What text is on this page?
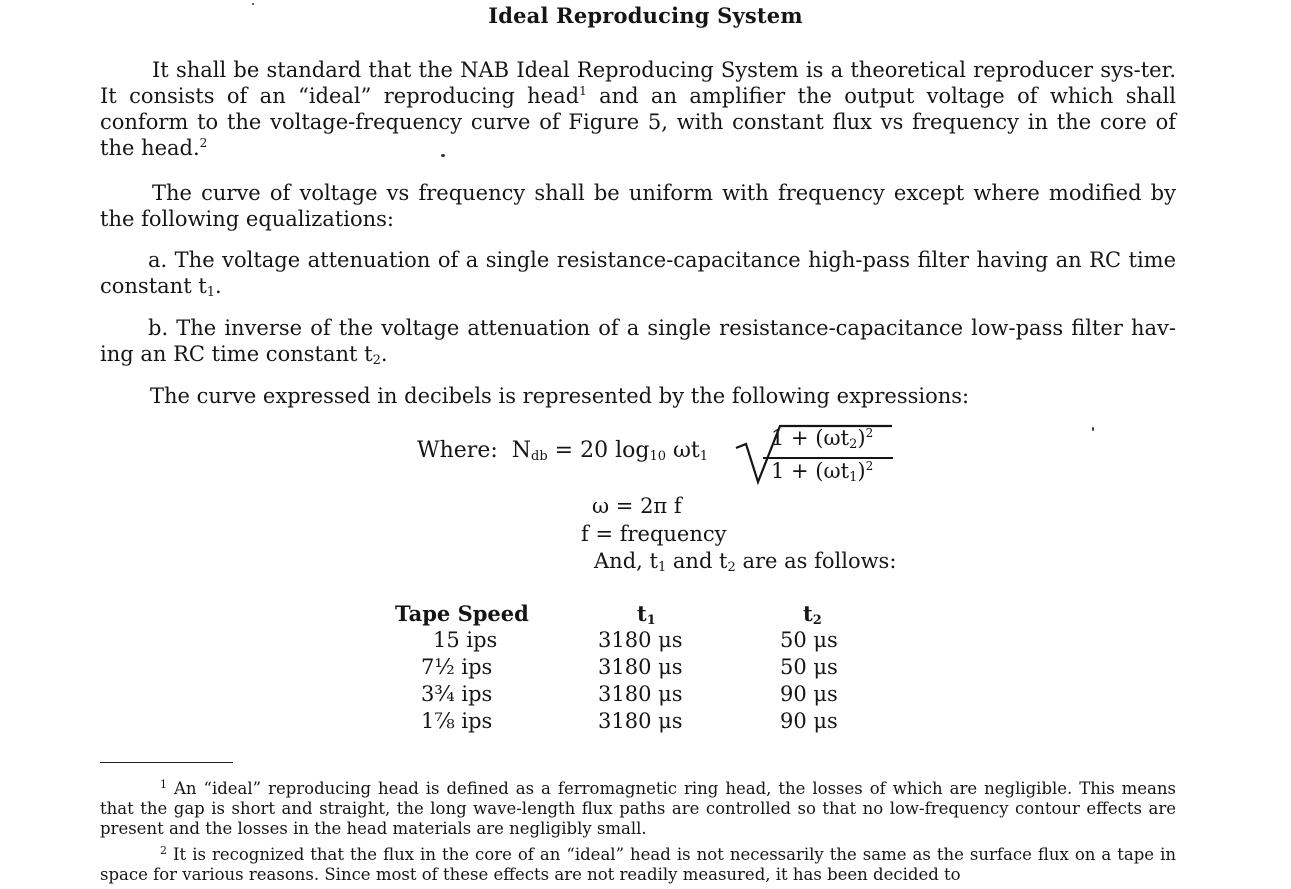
Ideal Reproducing System
It shall be standard that the NAB Ideal Reproducing System is a theoretical reproducer sys-ter. It consists of an “ideal” reproducing head$^1$ and an amplifier the output voltage of which shall conform to the voltage-frequency curve of Figure 5, with constant flux vs frequency in the core of the head.$^2$
The curve of voltage vs frequency shall be uniform with frequency except where modified by the following equalizations:
a. The voltage attenuation of a single resistance-capacitance high-pass filter having an RC time constant $t_1$.
b. The inverse of the voltage attenuation of a single resistance-capacitance low-pass filter hav-ing an RC time constant $t_2$.
The curve expressed in decibels is represented by the following expressions:
Where: $N_{db} = 20$ $\log_{10} \omega t_1$
$1 + (\omega t_2)^2$
$1 + (\omega t_1)^2$
ω = 2π f
f = frequency
And, $t_1$ and $t_2$ are as follows:
Tape Speed	$t_1$	$t_2$
15 ips	3180 μs	50 μs
7½ ips	3180 μs	50 μs
3¾ ips	3180 μs	90 μs
1⅞ ips	3180 μs	90 μs
$^1$ An “ideal” reproducing head is defined as a ferromagnetic ring head, the losses of which are negligible. This means that the gap is short and straight, the long wave-length flux paths are controlled so that no low-frequency contour effects are present and the losses in the head materials are negligibly small.
$^2$ It is recognized that the flux in the core of an “ideal” head is not necessarily the same as the surface flux on a tape in space for various reasons. Since most of these effects are not readily measured, it has been decided to
